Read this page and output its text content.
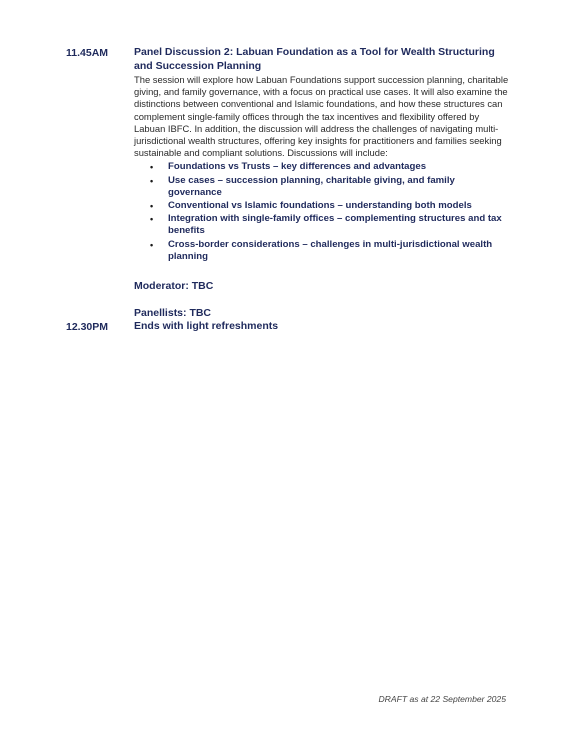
11.45AM	Panel Discussion 2: Labuan Foundation as a Tool for Wealth Structuring and Succession Planning

The session will explore how Labuan Foundations support succession planning, charitable giving, and family governance, with a focus on practical use cases. It will also examine the distinctions between conventional and Islamic foundations, and how these structures can complement single-family offices through the tax incentives and flexibility offered by Labuan IBFC. In addition, the discussion will address the challenges of navigating multi-jurisdictional wealth structures, offering key insights for practitioners and families seeking sustainable and compliant solutions. Discussions will include:

• Foundations vs Trusts – key differences and advantages
• Use cases – succession planning, charitable giving, and family governance
• Conventional vs Islamic foundations – understanding both models
• Integration with single-family offices – complementing structures and tax benefits
• Cross-border considerations – challenges in multi-jurisdictional wealth planning

Moderator: TBC

Panellists: TBC

12.30PM	Ends with light refreshments

DRAFT as at 22 September 2025
